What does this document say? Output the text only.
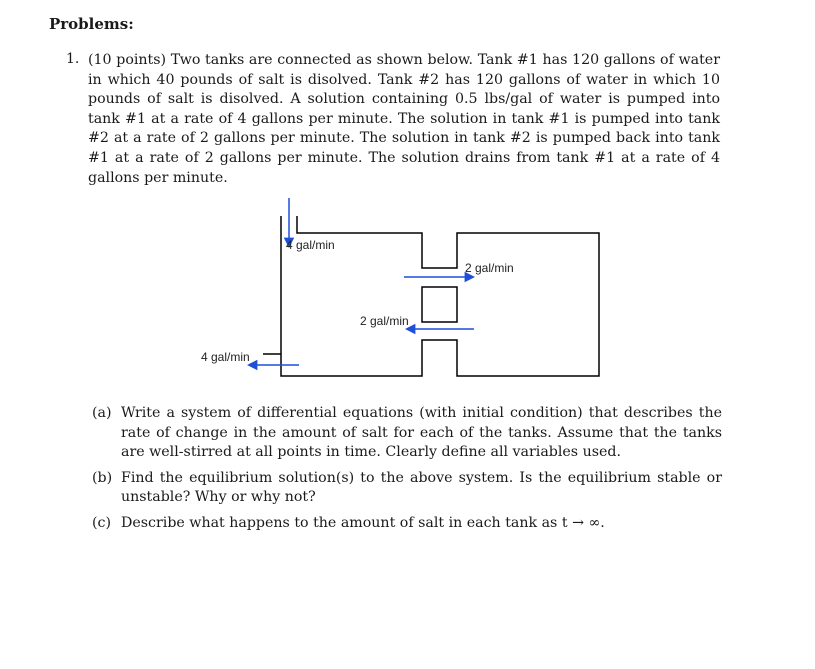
Problems:
1. (10 points) Two tanks are connected as shown below. Tank #1 has 120 gallons of water in which 40 pounds of salt is disolved. Tank #2 has 120 gallons of water in which 10 pounds of salt is disolved. A solution containing 0.5 lbs/gal of water is pumped into tank #1 at a rate of 4 gallons per minute. The solution in tank #1 is pumped into tank #2 at a rate of 2 gallons per minute. The solution in tank #2 is pumped back into tank #1 at a rate of 2 gallons per minute. The solution drains from tank #1 at a rate of 4 gallons per minute.
4 gal/min
2 gal/min
2 gal/min
4 gal/min
(a) Write a system of differential equations (with initial condition) that describes the rate of change in the amount of salt for each of the tanks. Assume that the tanks are well-stirred at all points in time. Clearly define all variables used.
(b) Find the equilibrium solution(s) to the above system. Is the equilibrium stable or unstable? Why or why not?
(c) Describe what happens to the amount of salt in each tank as t → ∞.
